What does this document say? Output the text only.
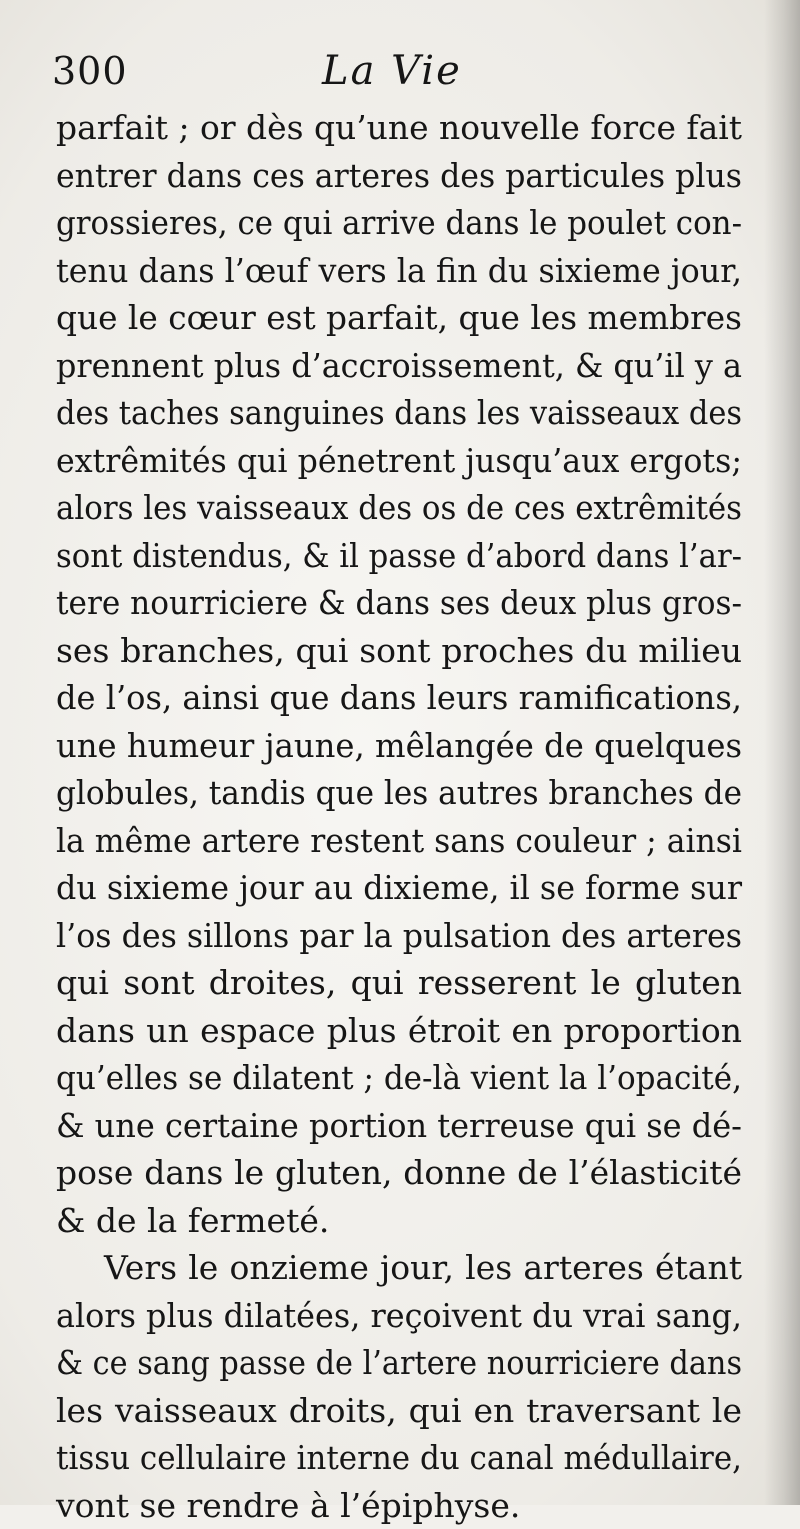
300	La Vie
parfait ; or dès qu’une nouvelle force fait
entrer dans ces arteres des particules plus
grossieres, ce qui arrive dans le poulet con-
tenu dans l’œuf vers la fin du sixieme jour,
que le cœur est parfait, que les membres
prennent plus d’accroissement, & qu’il y a
des taches sanguines dans les vaisseaux des
extrêmités qui pénetrent jusqu’aux ergots;
alors les vaisseaux des os de ces extrêmités
sont distendus, & il passe d’abord dans l’ar-
tere nourriciere & dans ses deux plus gros-
ses branches, qui sont proches du milieu
de l’os, ainsi que dans leurs ramifications,
une humeur jaune, mêlangée de quelques
globules, tandis que les autres branches de
la même artere restent sans couleur ; ainsi
du sixieme jour au dixieme, il se forme sur
l’os des sillons par la pulsation des arteres
qui sont droites, qui resserent le gluten
dans un espace plus étroit en proportion
qu’elles se dilatent ; de-là vient la l’opacité,
& une certaine portion terreuse qui se dé-
pose dans le gluten, donne de l’élasticité
& de la fermeté.
Vers le onzieme jour, les arteres étant
alors plus dilatées, reçoivent du vrai sang,
& ce sang passe de l’artere nourriciere dans
les vaisseaux droits, qui en traversant le
tissu cellulaire interne du canal médullaire,
vont se rendre à l’épiphyse.
